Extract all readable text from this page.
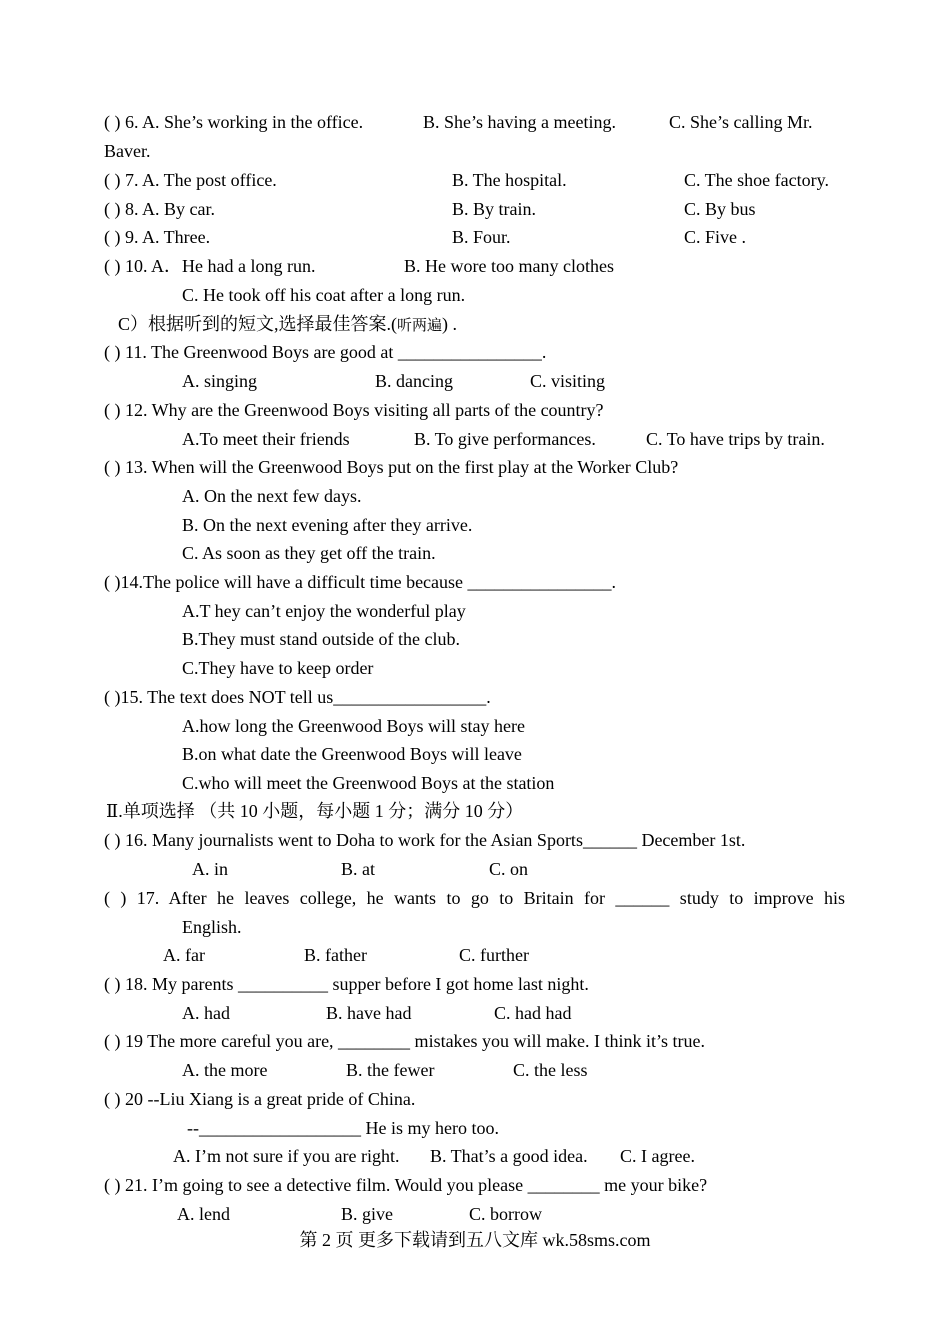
( ) 6. A. She’s working in the office.	B. She’s having a meeting.	C. She’s calling Mr.
Baver.
( ) 7. A. The post office.	B. The hospital.	C. The shoe factory.
( ) 8. A. By car.	B. By train.	C. By bus
( ) 9. A. Three.	B. Four.	C. Five .
( ) 10. A．He had a long run.	B. He wore too many clothes
C. He took off his coat after a long run.
C）根据听到的短文,选择最佳答案.(听两遍) .
( ) 11. The Greenwood Boys are good at ________________.
A. singing	B. dancing	C. visiting
( ) 12. Why are the Greenwood Boys visiting all parts of the country?
A.To meet their friends	B. To give performances.	C. To have trips by train.
( ) 13. When will the Greenwood Boys put on the first play at the Worker Club?
A. On the next few days.
B. On the next evening after they arrive.
C. As soon as they get off the train.
( )14.The police will have a difficult time because ________________.
A.T hey can’t enjoy the wonderful play
B.They must stand outside of the club.
C.They have to keep order
( )15. The text does NOT tell us_________________.
A.how long the Greenwood Boys will stay here
B.on what date the Greenwood Boys will leave
C.who will meet the Greenwood Boys at the station
Ⅱ.单项选择 （共 10 小题，每小题 1 分；满分 10 分）
( ) 16. Many journalists went to Doha to work for the Asian Sports______ December 1st.
A. in	B. at	C. on
( ) 17. After he leaves college, he wants to go to Britain for ______ study to improve his
English.
A. far	B. father	C. further
( ) 18. My parents __________ supper before I got home last night.
A. had	B. have had	C. had had
( ) 19 The more careful you are, ________ mistakes you will make. I think it’s true.
A. the more	B. the fewer	C. the less
( ) 20 --Liu Xiang is a great pride of China.
--__________________ He is my hero too.
A. I’m not sure if you are right. B. That’s a good idea. C. I agree.
( ) 21. I’m going to see a detective film. Would you please ________ me your bike?
A. lend	B. give	C. borrow
第 2 页 更多下载请到五八文库 wk.58sms.com
